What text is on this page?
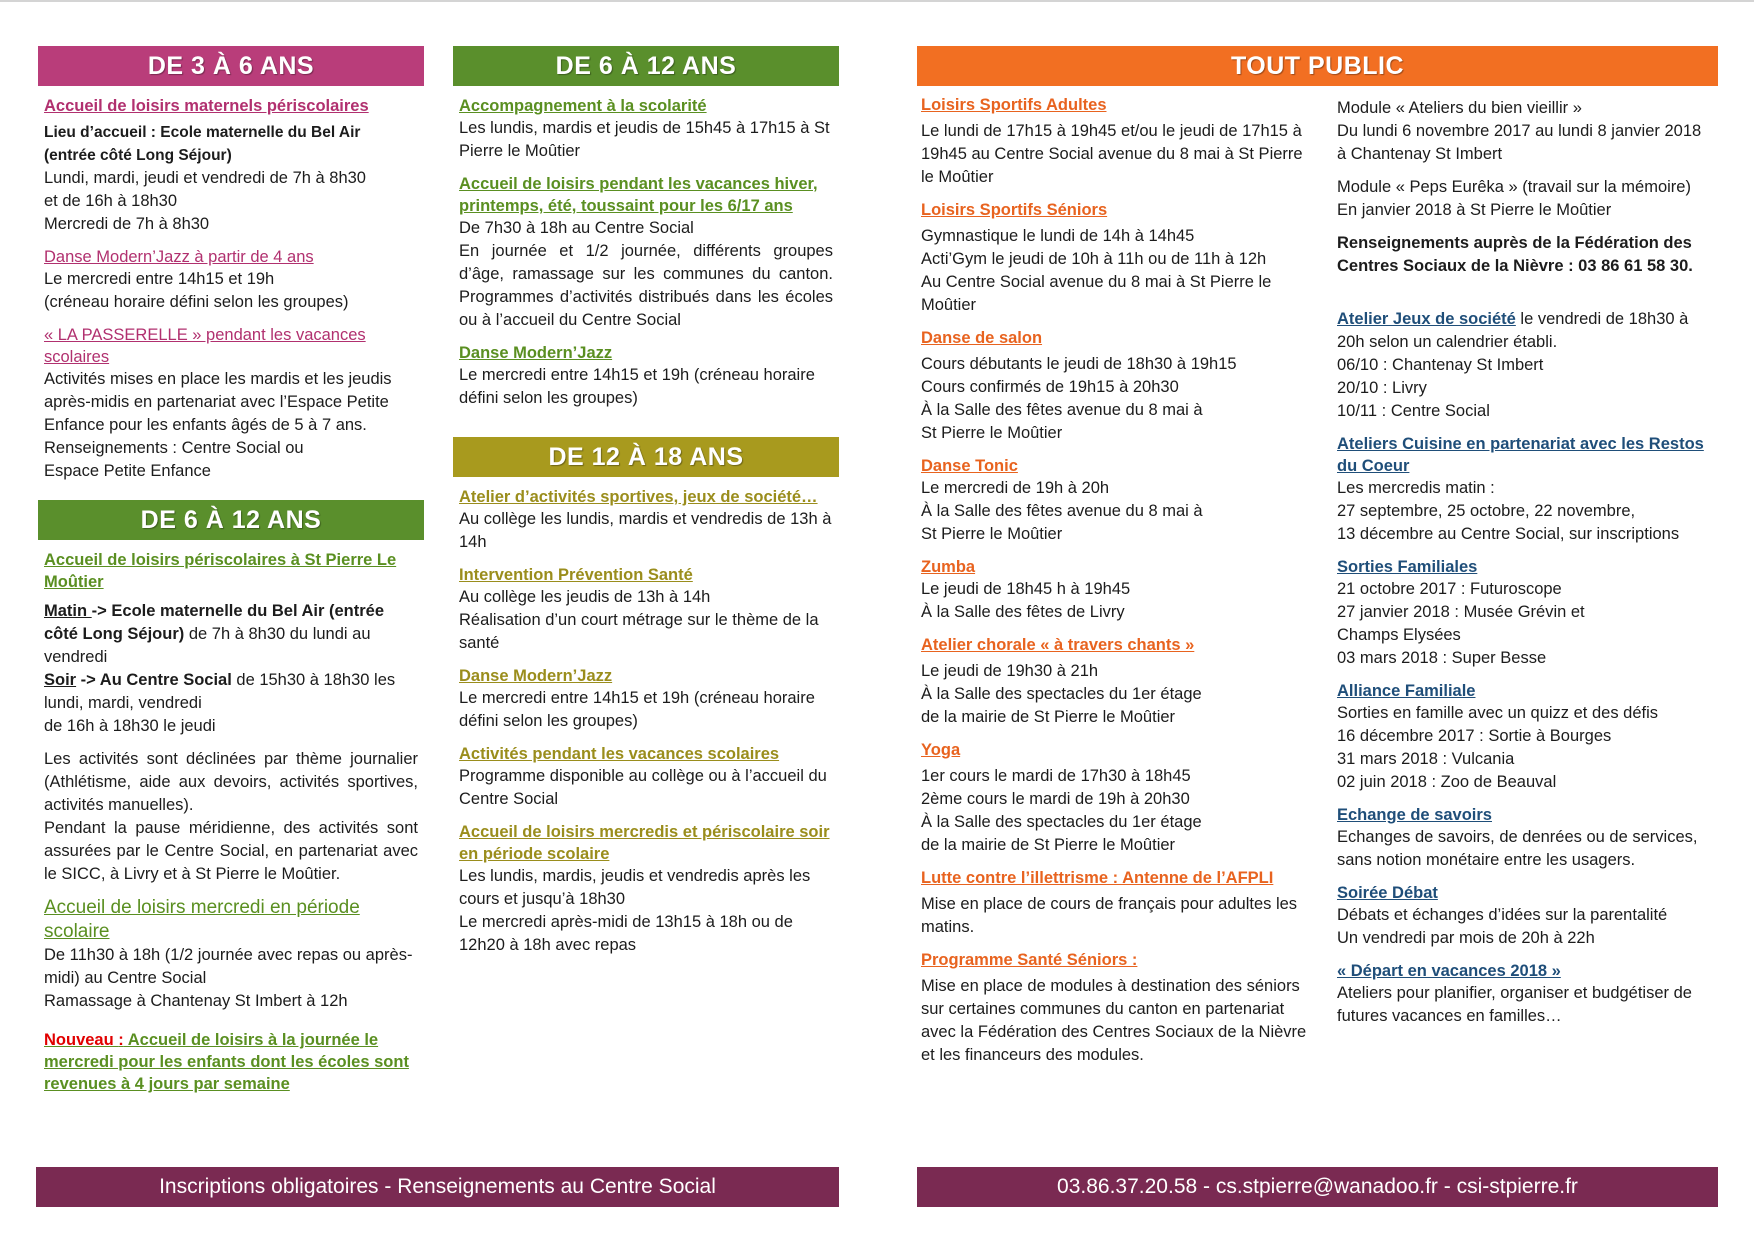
DE 3 À 6 ANS
Accueil de loisirs maternels périscolaires

Lieu d’accueil : Ecole maternelle du Bel Air

(entrée côté Long Séjour)

Lundi, mardi, jeudi et vendredi de 7h à 8h30

et de 16h à 18h30

Mercredi de 7h à 8h30

Danse Modern’Jazz à partir de 4 ans

Le mercredi entre 14h15 et 19h

(créneau horaire défini selon les groupes)

« LA PASSERELLE » pendant les vacances scolaires

Activités mises en place les mardis et les jeudis après-midis en partenariat avec l’Espace Petite Enfance pour les enfants âgés de 5 à 7 ans.

Renseignements : Centre Social ou

Espace Petite Enfance

DE 6 À 12 ANS
Accueil de loisirs périscolaires à St Pierre Le Moûtier

Matin -> Ecole maternelle du Bel Air (entrée côté Long Séjour) de 7h à 8h30 du lundi au vendredi

Soir -> Au Centre Social de 15h30 à 18h30 les lundi, mardi, vendredi

de 16h à 18h30 le jeudi

Les activités sont déclinées par thème journalier (Athlétisme, aide aux devoirs, activités sportives, activités manuelles).

Pendant la pause méridienne, des activités sont assurées par le Centre Social, en partenariat avec le SICC, à Livry et à St Pierre le Moûtier.

Accueil de loisirs mercredi en période scolaire

De 11h30 à 18h (1/2 journée avec repas ou après-midi) au Centre Social

Ramassage à Chantenay St Imbert à 12h

Nouveau : Accueil de loisirs à la journée le mercredi pour les enfants dont les écoles sont revenues à 4 jours par semaine
DE 6 À 12 ANS
Accompagnement à la scolarité

Les lundis, mardis et jeudis de 15h45 à 17h15 à St Pierre le Moûtier

Accueil de loisirs pendant les vacances hiver, printemps, été, toussaint pour les 6/17 ans

De 7h30 à 18h au Centre Social

En journée et 1/2 journée, différents groupes d’âge, ramassage sur les communes du canton. Programmes d’activités distribués dans les écoles ou à l’accueil du Centre Social

Danse Modern’Jazz

Le mercredi entre 14h15 et 19h (créneau horaire défini selon les groupes)

DE 12 À 18 ANS
Atelier d’activités sportives, jeux de société…

Au collège les lundis, mardis et vendredis de 13h à 14h

Intervention Prévention Santé

Au collège les jeudis de 13h à 14h

Réalisation d’un court métrage sur le thème de la santé

Danse Modern’Jazz

Le mercredi entre 14h15 et 19h (créneau horaire défini selon les groupes)

Activités pendant les vacances scolaires

Programme disponible au collège ou à l’accueil du Centre Social

Accueil de loisirs mercredis et périscolaire soir en période scolaire

Les lundis, mardis, jeudis et vendredis après les cours et jusqu’à 18h30

Le mercredi après-midi de 13h15 à 18h ou de 12h20 à 18h avec repas

TOUT PUBLIC
Loisirs Sportifs Adultes

Le lundi de 17h15 à 19h45 et/ou le jeudi de 17h15 à 19h45 au Centre Social avenue du 8 mai à St Pierre le Moûtier

Loisirs Sportifs Séniors

Gymnastique le lundi de 14h à 14h45

Acti’Gym le jeudi de 10h à 11h ou de 11h à 12h

Au Centre Social avenue du 8 mai à St Pierre le Moûtier

Danse de salon

Cours débutants le jeudi de 18h30 à 19h15

Cours confirmés de 19h15 à 20h30

À la Salle des fêtes avenue du 8 mai à

St Pierre le Moûtier

Danse Tonic

Le mercredi de 19h à 20h

À la Salle des fêtes avenue du 8 mai à

St Pierre le Moûtier

Zumba

Le jeudi de 18h45 h à 19h45

À la Salle des fêtes de Livry

Atelier chorale « à travers chants »

Le jeudi de 19h30 à 21h

À la Salle des spectacles du 1er étage

de la mairie de St Pierre le Moûtier

Yoga

1er cours le mardi de 17h30 à 18h45

2ème cours le mardi de 19h à 20h30

À la Salle des spectacles du 1er étage

de la mairie de St Pierre le Moûtier

Lutte contre l’illettrisme : Antenne de l’AFPLI

Mise en place de cours de français pour adultes les matins.

Programme Santé Séniors :

Mise en place de modules à destination des séniors sur certaines communes du canton en partenariat avec la Fédération des Centres Sociaux de la Nièvre et les financeurs des modules.

Module « Ateliers du bien vieillir »

Du lundi 6 novembre 2017 au lundi 8 janvier 2018 à Chantenay St Imbert

Module « Peps Eurêka » (travail sur la mémoire)

En janvier 2018 à St Pierre le Moûtier

Renseignements auprès de la Fédération des Centres Sociaux de la Nièvre : 03 86 61 58 30.

Atelier Jeux de société le vendredi de 18h30 à 20h selon un calendrier établi.

06/10 : Chantenay St Imbert

20/10 : Livry

10/11 : Centre Social

Ateliers Cuisine en partenariat avec les Restos du Coeur

Les mercredis matin :

27 septembre, 25 octobre, 22 novembre,

13 décembre au Centre Social, sur inscriptions

Sorties Familiales

21 octobre 2017 : Futuroscope

27 janvier 2018 : Musée Grévin et

Champs Elysées

03 mars 2018 : Super Besse

Alliance Familiale

Sorties en famille avec un quizz et des défis

16 décembre 2017 : Sortie à Bourges

31 mars 2018 : Vulcania

02 juin 2018 : Zoo de Beauval

Echange de savoirs

Echanges de savoirs, de denrées ou de services, sans notion monétaire entre les usagers.

Soirée Débat

Débats et échanges d’idées sur la parentalité

Un vendredi par mois de 20h à 22h

« Départ en vacances 2018 »

Ateliers pour planifier, organiser et budgétiser de futures vacances en familles…

Inscriptions obligatoires - Renseignements au Centre Social	03.86.37.20.58 - cs.stpierre@wanadoo.fr - csi-stpierre.fr
